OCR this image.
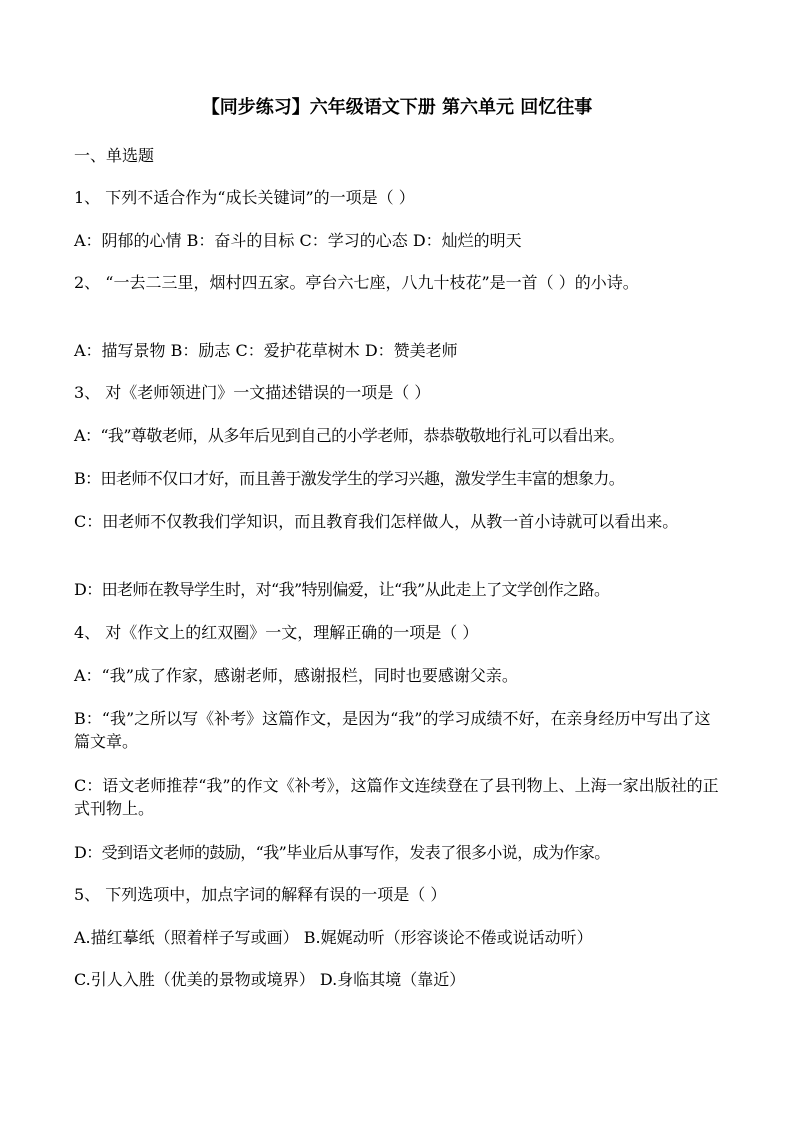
【同步练习】六年级语文下册 第六单元 回忆往事
一、单选题
1、 下列不适合作为“成长关键词”的一项是（ ）
A：阴郁的心情 B：奋斗的目标 C：学习的心态 D：灿烂的明天
2、 “一去二三里，烟村四五家。亭台六七座，八九十枝花”是一首（ ）的小诗。
A：描写景物 B：励志 C：爱护花草树木 D：赞美老师
3、 对《老师领进门》一文描述错误的一项是（ ）
A：“我”尊敬老师，从多年后见到自己的小学老师，恭恭敬敬地行礼可以看出来。
B：田老师不仅口才好，而且善于激发学生的学习兴趣，激发学生丰富的想象力。
C：田老师不仅教我们学知识，而且教育我们怎样做人，从教一首小诗就可以看出来。
D：田老师在教导学生时，对“我”特别偏爱，让“我”从此走上了文学创作之路。
4、 对《作文上的红双圈》一文，理解正确的一项是（ ）
A：“我”成了作家，感谢老师，感谢报栏，同时也要感谢父亲。
B：“我”之所以写《补考》这篇作文，是因为“我”的学习成绩不好，在亲身经历中写出了这篇文章。
C：语文老师推荐“我”的作文《补考》，这篇作文连续登在了县刊物上、上海一家出版社的正式刊物上。
D：受到语文老师的鼓励，“我”毕业后从事写作，发表了很多小说，成为作家。
5、 下列选项中，加点字词的解释有误的一项是（ ）
A.描红摹纸（照着样子写或画） B.娓娓动听（形容谈论不倦或说话动听）
C.引人入胜（优美的景物或境界） D.身临其境（靠近）
